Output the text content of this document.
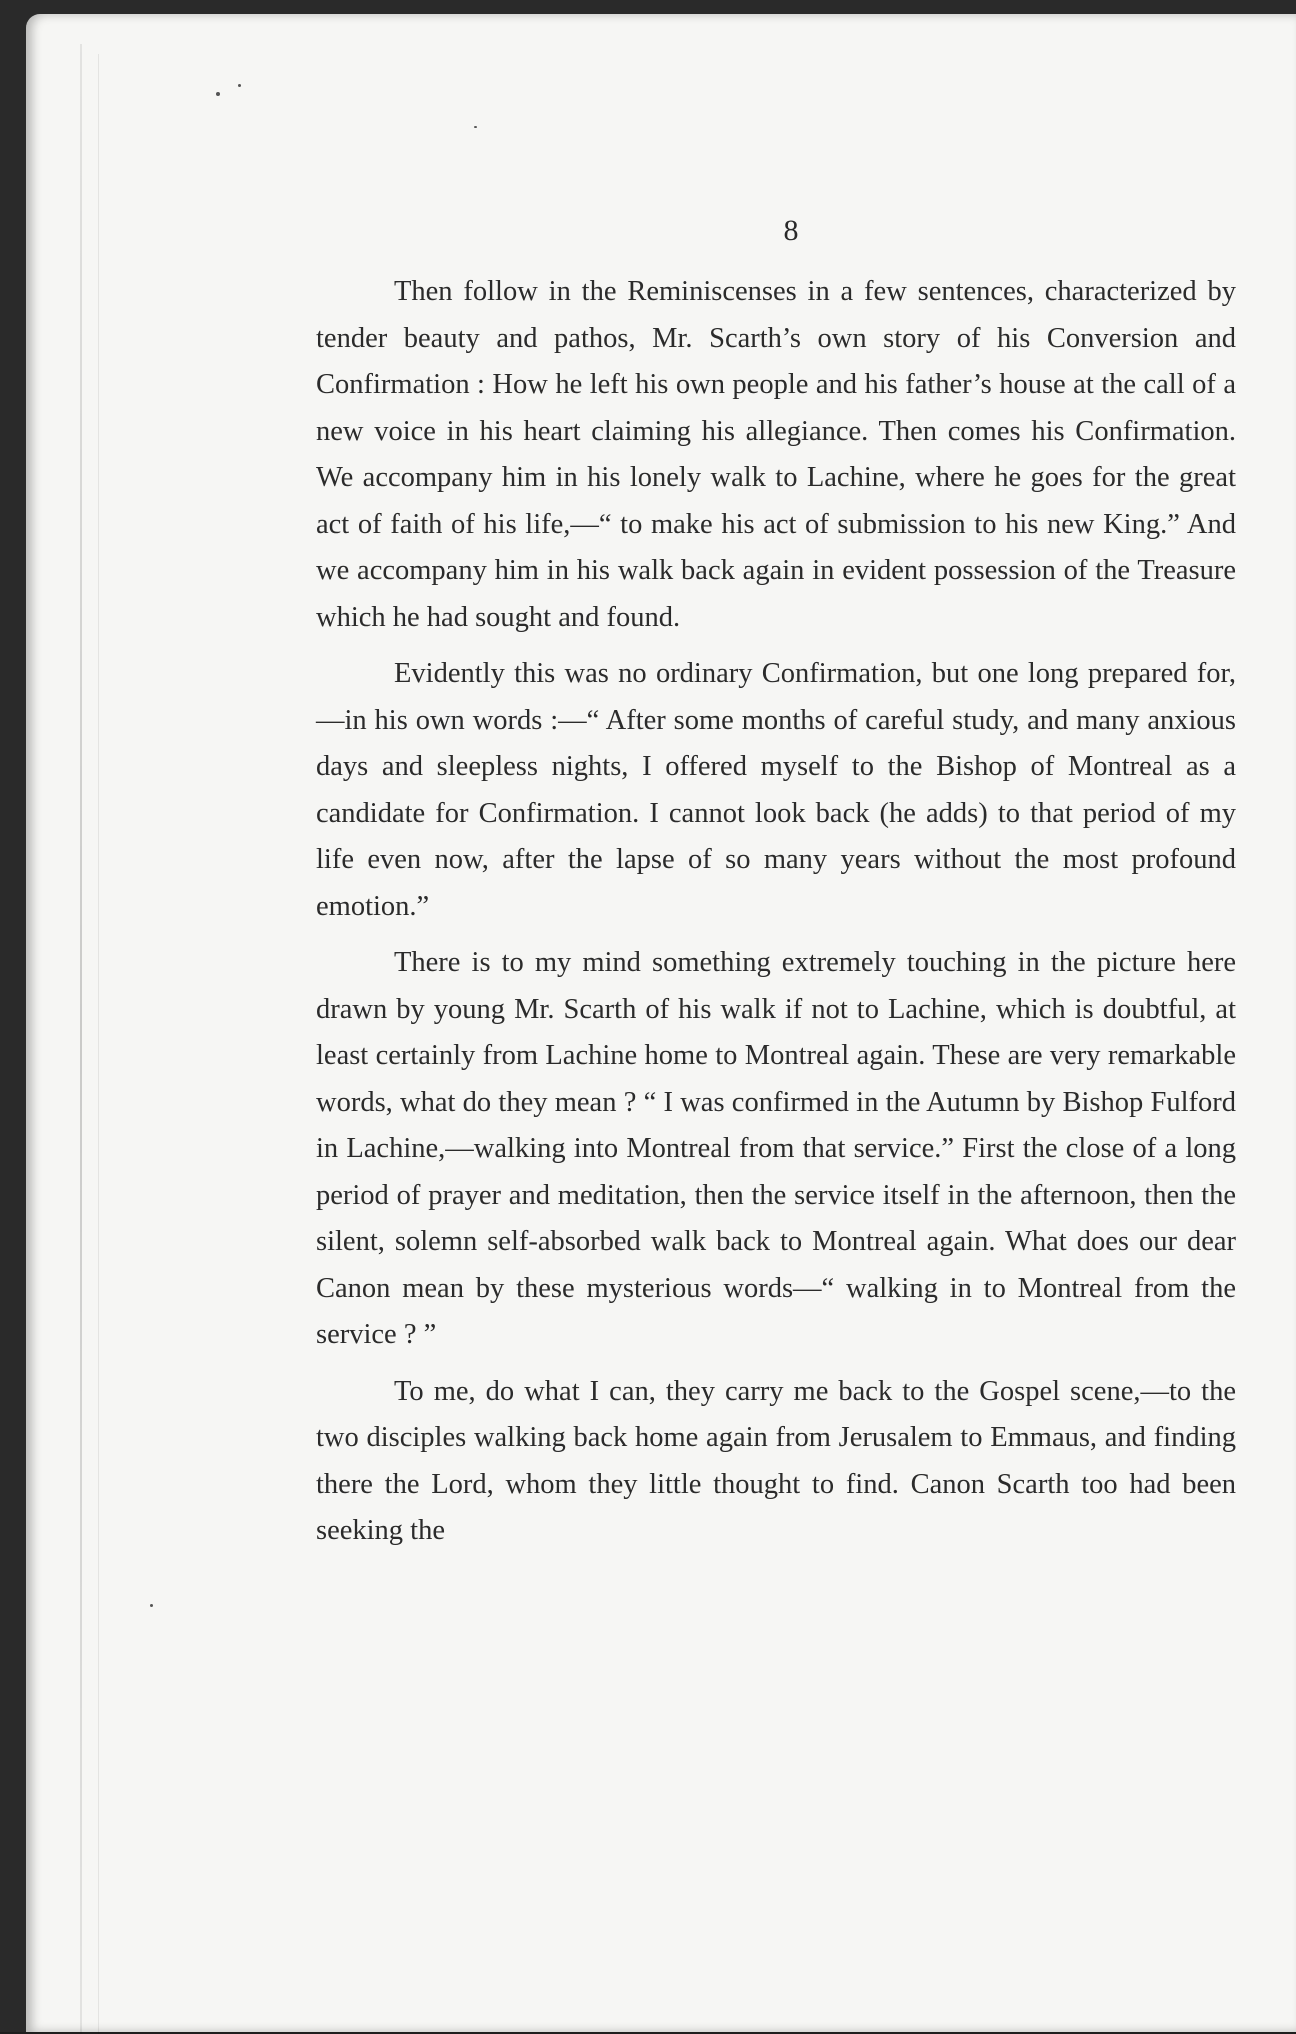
8

Then follow in the Reminiscenses in a few sentences, characterized by tender beauty and pathos, Mr. Scarth’s own story of his Conversion and Confirmation : How he left his own people and his father’s house at the call of a new voice in his heart claiming his allegiance. Then comes his Confirmation. We accompany him in his lonely walk to Lachine, where he goes for the great act of faith of his life,—“ to make his act of submission to his new King.” And we accompany him in his walk back again in evident possession of the Treasure which he had sought and found.

Evidently this was no ordinary Confirmation, but one long prepared for,—in his own words :—“ After some months of careful study, and many anxious days and sleepless nights, I offered myself to the Bishop of Montreal as a candidate for Confirmation. I cannot look back (he adds) to that period of my life even now, after the lapse of so many years without the most profound emotion.”

There is to my mind something extremely touching in the picture here drawn by young Mr. Scarth of his walk if not to Lachine, which is doubtful, at least certainly from Lachine home to Montreal again. These are very remarkable words, what do they mean ? “ I was confirmed in the Autumn by Bishop Fulford in Lachine,—walking into Montreal from that service.” First the close of a long period of prayer and meditation, then the service itself in the afternoon, then the silent, solemn self-absorbed walk back to Montreal again. What does our dear Canon mean by these mysterious words—“ walking in to Montreal from the service ? ”

To me, do what I can, they carry me back to the Gospel scene,—to the two disciples walking back home again from Jerusalem to Emmaus, and finding there the Lord, whom they little thought to find. Canon Scarth too had been seeking the
